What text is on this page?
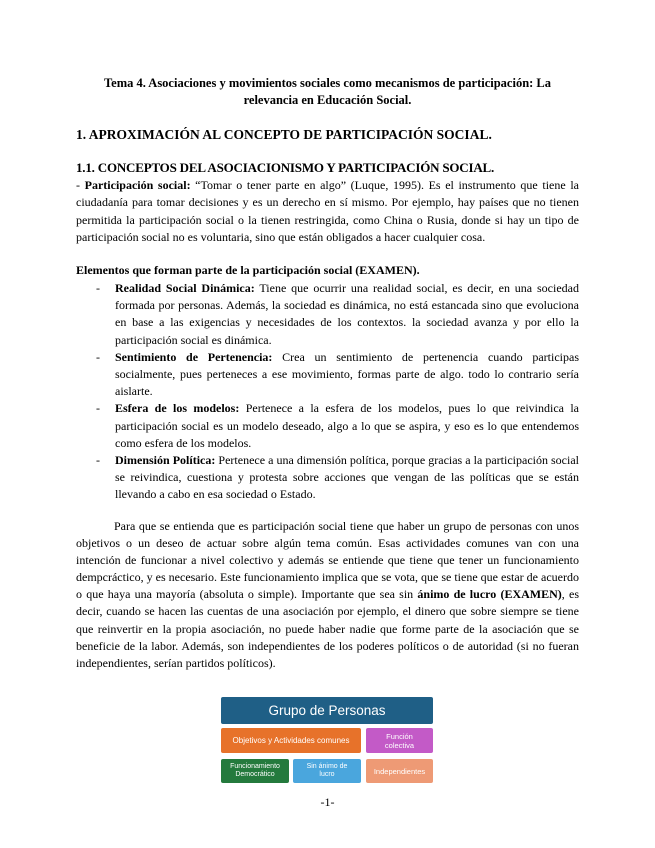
Tema 4. Asociaciones y movimientos sociales como mecanismos de participación: La
relevancia en Educación Social.
1. APROXIMACIÓN AL CONCEPTO DE PARTICIPACIÓN SOCIAL.
1.1. CONCEPTOS DEL ASOCIACIONISMO Y PARTICIPACIÓN SOCIAL.
- Participación social: “Tomar o tener parte en algo” (Luque, 1995). Es el instrumento que tiene la ciudadanía para tomar decisiones y es un derecho en sí mismo. Por ejemplo, hay países que no tienen permitida la participación social o la tienen restringida, como China o Rusia, donde si hay un tipo de participación social no es voluntaria, sino que están obligados a hacer cualquier cosa.
Elementos que forman parte de la participación social (EXAMEN).
- Realidad Social Dinámica: Tiene que ocurrir una realidad social, es decir, en una sociedad formada por personas. Además, la sociedad es dinámica, no está estancada sino que evoluciona en base a las exigencias y necesidades de los contextos. la sociedad avanza y por ello la participación social es dinámica.
- Sentimiento de Pertenencia: Crea un sentimiento de pertenencia cuando participas socialmente, pues perteneces a ese movimiento, formas parte de algo. todo lo contrario sería aislarte.
- Esfera de los modelos: Pertenece a la esfera de los modelos, pues lo que reivindica la participación social es un modelo deseado, algo a lo que se aspira, y eso es lo que entendemos como esfera de los modelos.
- Dimensión Política: Pertenece a una dimensión política, porque gracias a la participación social se reivindica, cuestiona y protesta sobre acciones que vengan de las políticas que se están llevando a cabo en esa sociedad o Estado.
Para que se entienda que es participación social tiene que haber un grupo de personas con unos objetivos o un deseo de actuar sobre algún tema común. Esas actividades comunes van con una intención de funcionar a nivel colectivo y además se entiende que tiene que tener un funcionamiento dempcráctico, y es necesario. Este funcionamiento implica que se vota, que se tiene que estar de acuerdo o que haya una mayoría (absoluta o simple). Importante que sea sin ánimo de lucro (EXAMEN), es decir, cuando se hacen las cuentas de una asociación por ejemplo, el dinero que sobre siempre se tiene que reinvertir en la propia asociación, no puede haber nadie que forme parte de la asociación que se beneficie de la labor. Además, son independientes de los poderes políticos o de autoridad (si no fueran independientes, serían partidos políticos).
Grupo de Personas
Objetivos y Actividades comunes	Función
colectiva
Funcionamiento
Democrático
Sin ánimo de
lucro	Independientes
-1-
